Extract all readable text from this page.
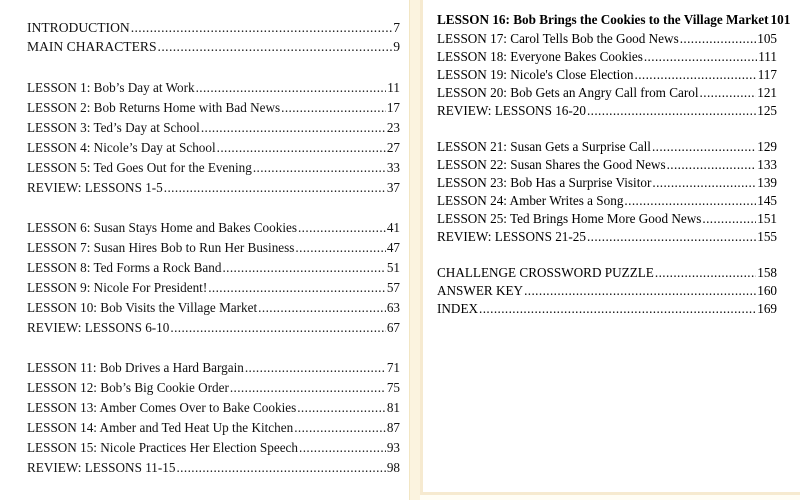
INTRODUCTION .....	7
MAIN CHARACTERS .....	9
LESSON 1: Bob’s Day at Work .....	11
LESSON 2: Bob Returns Home with Bad News .....	17
LESSON 3: Ted’s Day at School .....	23
LESSON 4: Nicole’s Day at School .....	27
LESSON 5: Ted Goes Out for the Evening .....	33
REVIEW: LESSONS 1-5 .....	37
LESSON 6: Susan Stays Home and Bakes Cookies .....	41
LESSON 7: Susan Hires Bob to Run Her Business .....	47
LESSON 8: Ted Forms a Rock Band .....	51
LESSON 9: Nicole For President! .....	57
LESSON 10: Bob Visits the Village Market .....	63
REVIEW: LESSONS 6-10 .....	67
LESSON 11: Bob Drives a Hard Bargain .....	71
LESSON 12: Bob’s Big Cookie Order .....	75
LESSON 13: Amber Comes Over to Bake Cookies .....	81
LESSON 14: Amber and Ted Heat Up the Kitchen .....	87
LESSON 15: Nicole Practices Her Election Speech .....	93
REVIEW: LESSONS 11-15 .....	98
LESSON 16: Bob Brings the Cookies to the Village Market 101
LESSON 17: Carol Tells Bob the Good News .....	105
LESSON 18: Everyone Bakes Cookies .....	111
LESSON 19: Nicole's Close Election .....	117
LESSON 20: Bob Gets an Angry Call from Carol .....	121
REVIEW: LESSONS 16-20 .....	125
LESSON 21: Susan Gets a Surprise Call .....	129
LESSON 22: Susan Shares the Good News .....	133
LESSON 23: Bob Has a Surprise Visitor .....	139
LESSON 24: Amber Writes a Song .....	145
LESSON 25: Ted Brings Home More Good News .....	151
REVIEW: LESSONS 21-25 .....	155
CHALLENGE CROSSWORD PUZZLE .....	158
ANSWER KEY .....	160
INDEX .....	169
